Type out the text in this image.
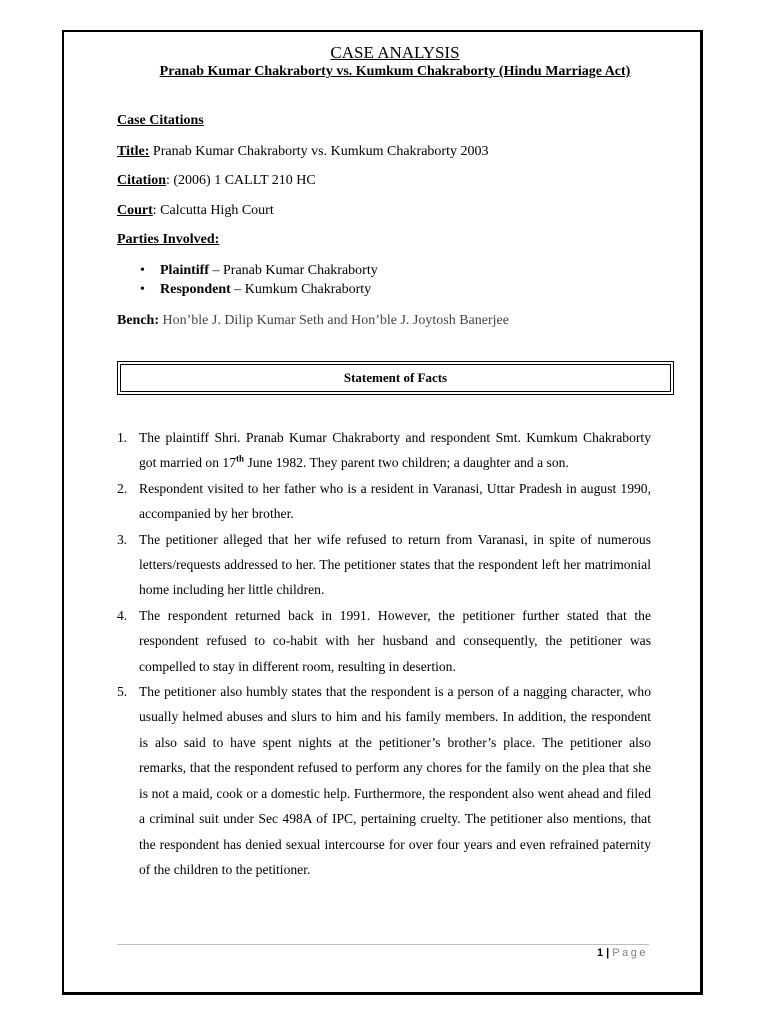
CASE ANALYSIS
Pranab Kumar Chakraborty vs. Kumkum Chakraborty (Hindu Marriage Act)
Case Citations
Title: Pranab Kumar Chakraborty vs. Kumkum Chakraborty 2003
Citation: (2006) 1 CALLT 210 HC
Court: Calcutta High Court
Parties Involved:
• Plaintiff – Pranab Kumar Chakraborty
• Respondent – Kumkum Chakraborty
Bench: Hon’ble J. Dilip Kumar Seth and Hon’ble J. Joytosh Banerjee
Statement of Facts
1. The plaintiff Shri. Pranab Kumar Chakraborty and respondent Smt. Kumkum Chakraborty got married on 17th June 1982. They parent two children; a daughter and a son.
2. Respondent visited to her father who is a resident in Varanasi, Uttar Pradesh in august 1990, accompanied by her brother.
3. The petitioner alleged that her wife refused to return from Varanasi, in spite of numerous letters/requests addressed to her. The petitioner states that the respondent left her matrimonial home including her little children.
4. The respondent returned back in 1991. However, the petitioner further stated that the respondent refused to co-habit with her husband and consequently, the petitioner was compelled to stay in different room, resulting in desertion.
5. The petitioner also humbly states that the respondent is a person of a nagging character, who usually helmed abuses and slurs to him and his family members. In addition, the respondent is also said to have spent nights at the petitioner’s brother’s place. The petitioner also remarks, that the respondent refused to perform any chores for the family on the plea that she is not a maid, cook or a domestic help. Furthermore, the respondent also went ahead and filed a criminal suit under Sec 498A of IPC, pertaining cruelty. The petitioner also mentions, that the respondent has denied sexual intercourse for over four years and even refrained paternity of the children to the petitioner.
1 | Page
